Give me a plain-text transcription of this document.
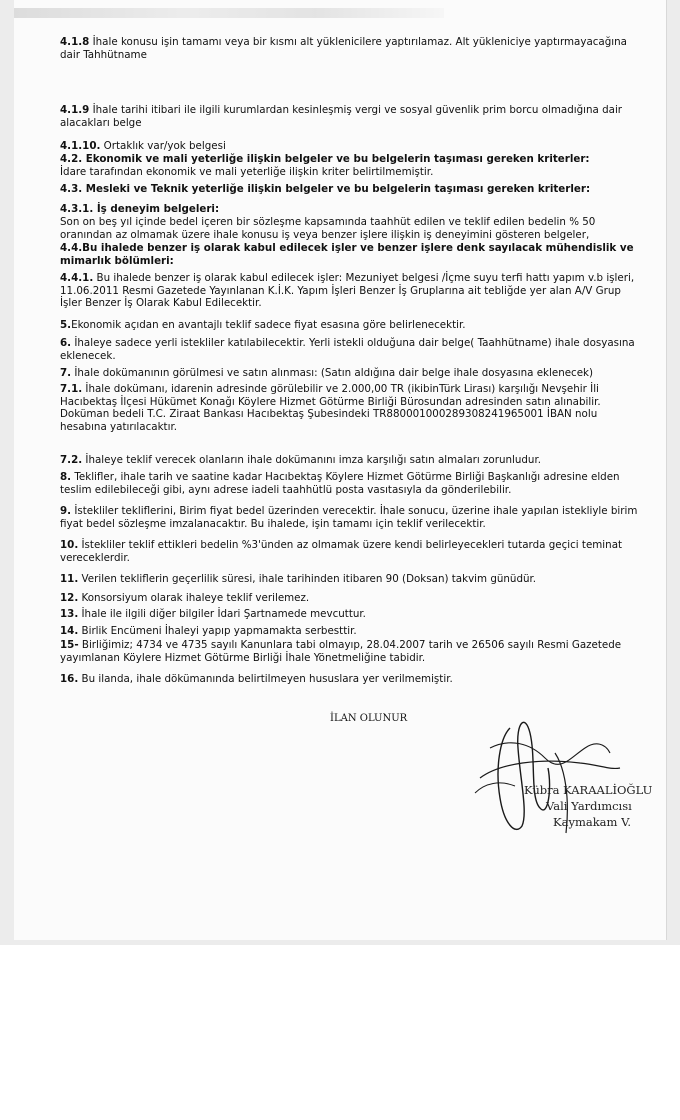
4.1.8 İhale konusu işin tamamı veya bir kısmı alt yüklenicilere yaptırılamaz. Alt yükleniciye yaptırmayacağına dair Tahhütname

4.1.9 İhale tarihi itibari ile ilgili kurumlardan kesinleşmiş vergi ve sosyal güvenlik prim borcu olmadığına dair alacakları belge

4.1.10. Ortaklık var/yok belgesi

4.2. Ekonomik ve mali yeterliğe ilişkin belgeler ve bu belgelerin taşıması gereken kriterler:

İdare tarafından ekonomik ve mali yeterliğe ilişkin kriter belirtilmemiştir.

4.3. Mesleki ve Teknik yeterliğe ilişkin belgeler ve bu belgelerin taşıması gereken kriterler:

4.3.1. İş deneyim belgeleri:

Son on beş yıl içinde bedel içeren bir sözleşme kapsamında taahhüt edilen ve teklif edilen bedelin % 50 oranından az olmamak üzere ihale konusu iş veya benzer işlere ilişkin iş deneyimini gösteren belgeler,

4.4.Bu ihalede benzer iş olarak kabul edilecek işler ve benzer işlere denk sayılacak mühendislik ve mimarlık bölümleri:

4.4.1. Bu ihalede benzer iş olarak kabul edilecek işler: Mezuniyet belgesi /İçme suyu terfi hattı yapım v.b işleri, 11.06.2011 Resmi Gazetede Yayınlanan K.İ.K. Yapım İşleri Benzer İş Gruplarına ait tebliğde yer alan A/V Grup İşler Benzer İş Olarak Kabul Edilecektir.

5.Ekonomik açıdan en avantajlı teklif sadece fiyat esasına göre belirlenecektir.

6. İhaleye sadece yerli istekliler katılabilecektir. Yerli istekli olduğuna dair belge( Taahhütname) ihale dosyasına eklenecek.

7. İhale dokümanının görülmesi ve satın alınması: (Satın aldığına dair belge ihale dosyasına eklenecek)

7.1. İhale dokümanı, idarenin adresinde görülebilir ve 2.000,00 TR (ikibinTürk Lirası) karşılığı Nevşehir İli Hacıbektaş İlçesi Hükümet Konağı Köylere Hizmet Götürme Birliği Bürosundan adresinden satın alınabilir. Doküman bedeli T.C. Ziraat Bankası Hacıbektaş Şubesindeki TR880001000289308241965001 İBAN nolu hesabına yatırılacaktır.

7.2. İhaleye teklif verecek olanların ihale dokümanını imza karşılığı satın almaları zorunludur.

8. Teklifler, ihale tarih ve saatine kadar Hacıbektaş Köylere Hizmet Götürme Birliği Başkanlığı adresine elden teslim edilebileceği gibi, aynı adrese iadeli taahhütlü posta vasıtasıyla da gönderilebilir.

9. İstekliler tekliflerini, Birim fiyat bedel üzerinden verecektir. İhale sonucu, üzerine ihale yapılan istekliyle birim fiyat bedel sözleşme imzalanacaktır. Bu ihalede, işin tamamı için teklif verilecektir.

10. İstekliler teklif ettikleri bedelin %3'ünden az olmamak üzere kendi belirleyecekleri tutarda geçici teminat vereceklerdir.

11. Verilen tekliflerin geçerlilik süresi, ihale tarihinden itibaren 90 (Doksan) takvim günüdür.

12. Konsorsiyum olarak ihaleye teklif verilemez.

13. İhale ile ilgili diğer bilgiler İdari Şartnamede mevcuttur.

14. Birlik Encümeni İhaleyi yapıp yapmamakta serbesttir.

15- Birliğimiz; 4734 ve 4735 sayılı Kanunlara tabi olmayıp, 28.04.2007 tarih ve 26506 sayılı Resmi Gazetede yayımlanan Köylere Hizmet Götürme Birliği İhale Yönetmeliğine tabidir.

16. Bu ilanda, ihale dökümanında belirtilmeyen hususlara yer verilmemiştir.

İLAN OLUNUR
Kübra KARAALİOĞLU
Vali Yardımcısı
Kaymakam V.
